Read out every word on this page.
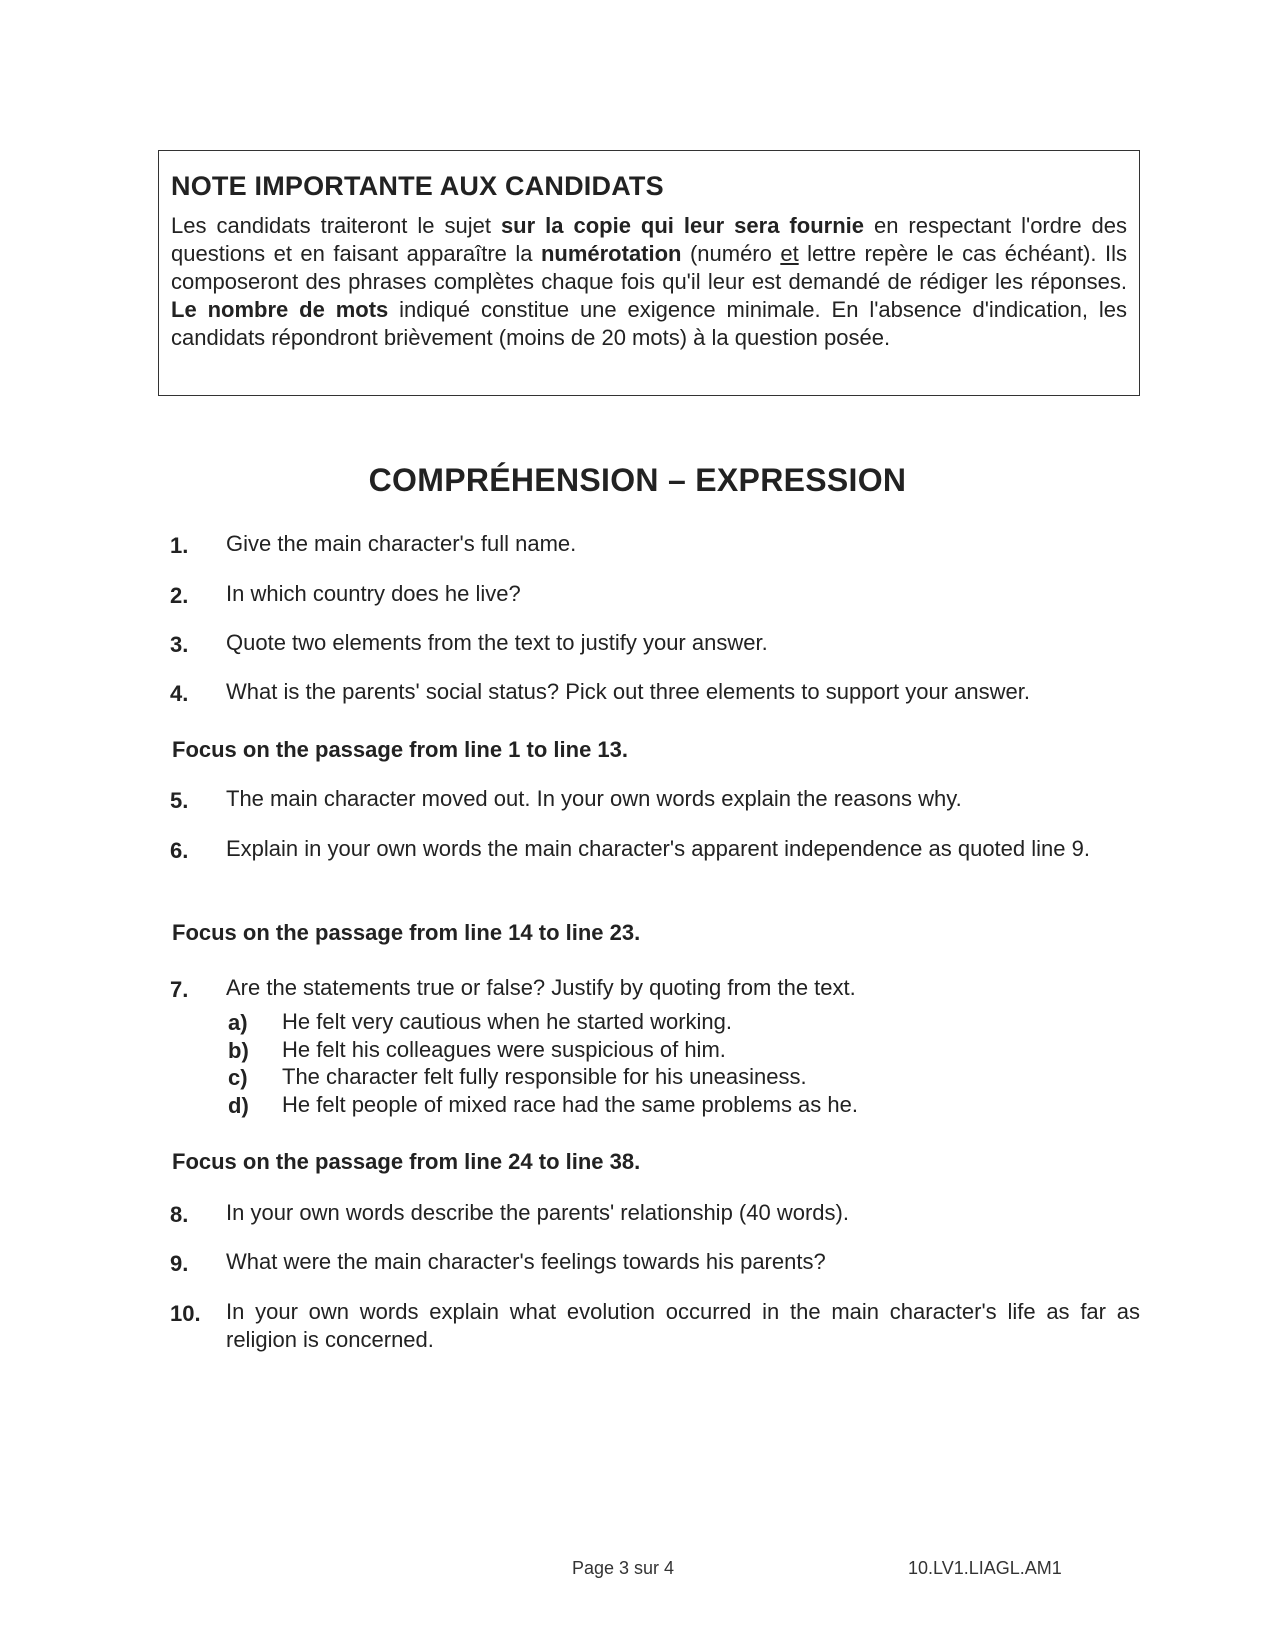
NOTE IMPORTANTE AUX CANDIDATS

Les candidats traiteront le sujet sur la copie qui leur sera fournie en respectant l'ordre des questions et en faisant apparaître la numérotation (numéro et lettre repère le cas échéant). Ils composeront des phrases complètes chaque fois qu'il leur est demandé de rédiger les réponses. Le nombre de mots indiqué constitue une exigence minimale. En l'absence d'indication, les candidats répondront brièvement (moins de 20 mots) à la question posée.

COMPRÉHENSION – EXPRESSION
1. Give the main character's full name.
2. In which country does he live?
3. Quote two elements from the text to justify your answer.
4. What is the parents' social status? Pick out three elements to support your answer.
Focus on the passage from line 1 to line 13.
5. The main character moved out. In your own words explain the reasons why.
6. Explain in your own words the main character's apparent independence as quoted line 9.
Focus on the passage from line 14 to line 23.
7. Are the statements true or false? Justify by quoting from the text.
a) He felt very cautious when he started working.
b) He felt his colleagues were suspicious of him.
c) The character felt fully responsible for his uneasiness.
d) He felt people of mixed race had the same problems as he.
Focus on the passage from line 24 to line 38.
8. In your own words describe the parents' relationship (40 words).
9. What were the main character's feelings towards his parents?
10. In your own words explain what evolution occurred in the main character's life as far as religion is concerned.
Page 3 sur 4	10.LV1.LIAGL.AM1
